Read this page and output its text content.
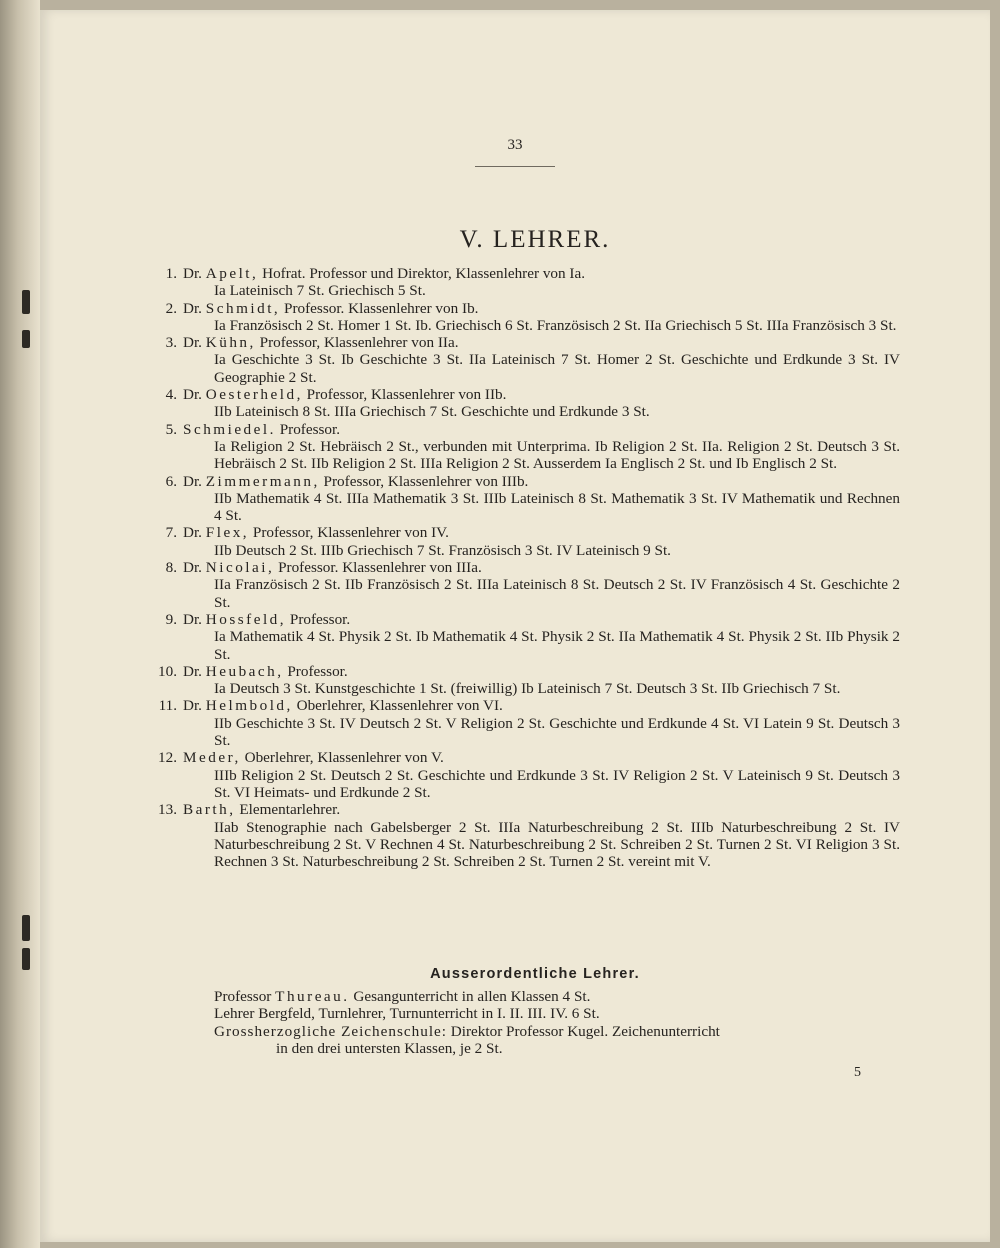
33
V. LEHRER.
1. Dr. Apelt, Hofrat. Professor und Direktor, Klassenlehrer von Ia.
Ia Lateinisch 7 St. Griechisch 5 St.
2. Dr. Schmidt, Professor. Klassenlehrer von Ib.
Ia Französisch 2 St. Homer 1 St. Ib. Griechisch 6 St. Französisch 2 St. IIa Griechisch 5 St. IIIa Französisch 3 St.
3. Dr. Kühn, Professor, Klassenlehrer von IIa.
Ia Geschichte 3 St. Ib Geschichte 3 St. IIa Lateinisch 7 St. Homer 2 St. Geschichte und Erdkunde 3 St. IV Geographie 2 St.
4. Dr. Oesterheld, Professor, Klassenlehrer von IIb.
IIb Lateinisch 8 St. IIIa Griechisch 7 St. Geschichte und Erdkunde 3 St.
5. Schmiedel. Professor.
Ia Religion 2 St. Hebräisch 2 St., verbunden mit Unterprima. Ib Religion 2 St. IIa. Religion 2 St. Deutsch 3 St. Hebräisch 2 St. IIb Religion 2 St. IIIa Religion 2 St. Ausserdem Ia Englisch 2 St. und Ib Englisch 2 St.
6. Dr. Zimmermann, Professor, Klassenlehrer von IIIb.
IIb Mathematik 4 St. IIIa Mathematik 3 St. IIIb Lateinisch 8 St. Mathematik 3 St. IV Mathematik und Rechnen 4 St.
7. Dr. Flex, Professor, Klassenlehrer von IV.
IIb Deutsch 2 St. IIIb Griechisch 7 St. Französisch 3 St. IV Lateinisch 9 St.
8. Dr. Nicolai, Professor. Klassenlehrer von IIIa.
IIa Französisch 2 St. IIb Französisch 2 St. IIIa Lateinisch 8 St. Deutsch 2 St. IV Französisch 4 St. Geschichte 2 St.
9. Dr. Hossfeld, Professor.
Ia Mathematik 4 St. Physik 2 St. Ib Mathematik 4 St. Physik 2 St. IIa Mathematik 4 St. Physik 2 St. IIb Physik 2 St.
10. Dr. Heubach, Professor.
Ia Deutsch 3 St. Kunstgeschichte 1 St. (freiwillig) Ib Lateinisch 7 St. Deutsch 3 St. IIb Griechisch 7 St.
11. Dr. Helmbold, Oberlehrer, Klassenlehrer von VI.
IIb Geschichte 3 St. IV Deutsch 2 St. V Religion 2 St. Geschichte und Erdkunde 4 St. VI Latein 9 St. Deutsch 3 St.
12. Meder, Oberlehrer, Klassenlehrer von V.
IIIb Religion 2 St. Deutsch 2 St. Geschichte und Erdkunde 3 St. IV Religion 2 St. V Lateinisch 9 St. Deutsch 3 St. VI Heimats- und Erdkunde 2 St.
13. Barth, Elementarlehrer.
IIab Stenographie nach Gabelsberger 2 St. IIIa Naturbeschreibung 2 St. IIIb Naturbeschreibung 2 St. IV Naturbeschreibung 2 St. V Rechnen 4 St. Naturbeschreibung 2 St. Schreiben 2 St. Turnen 2 St. VI Religion 3 St. Rechnen 3 St. Naturbeschreibung 2 St. Schreiben 2 St. Turnen 2 St. vereint mit V.
Ausserordentliche Lehrer.
Professor Thureau. Gesangunterricht in allen Klassen 4 St.
Lehrer Bergfeld, Turnlehrer, Turnunterricht in I. II. III. IV. 6 St.
Grossherzogliche Zeichenschule: Direktor Professor Kugel. Zeichenunterricht
in den drei untersten Klassen, je 2 St.
5
